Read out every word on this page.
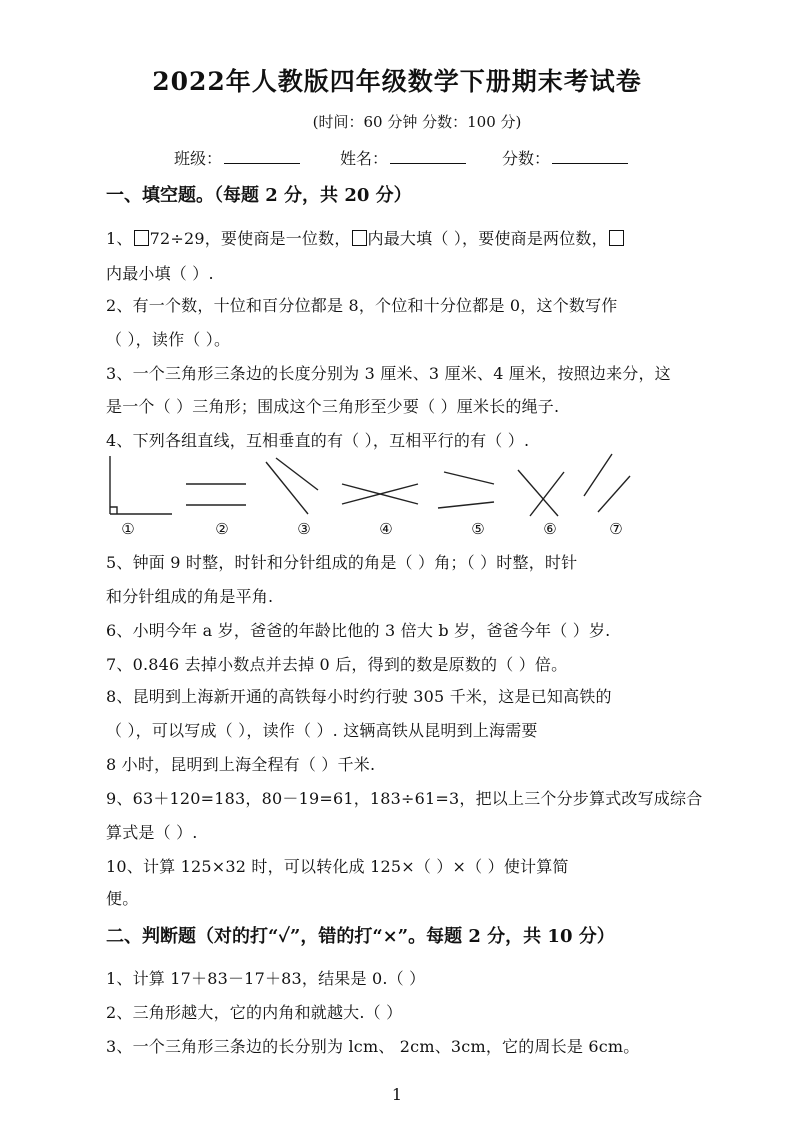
2022年人教版四年级数学下册期末考试卷
(时间：60 分钟 分数：100 分)
班级：	姓名：	分数：
一、填空题。（每题 2 分，共 20 分）
1、 72÷29，要使商是一位数， 内最大填（ ），要使商是两位数，
内最小填（ ）.
2、有一个数，十位和百分位都是 8，个位和十分位都是 0，这个数写作
（ ），读作（ ）。
3、一个三角形三条边的长度分别为 3 厘米、3 厘米、4 厘米，按照边来分，这
是一个（ ）三角形；围成这个三角形至少要（ ）厘米长的绳子.
4、下列各组直线，互相垂直的有（ ），互相平行的有（ ）.
①	②	③	④	⑤	⑥	⑦
5、钟面 9 时整，时针和分针组成的角是（ ）角；（ ）时整，时针
和分针组成的角是平角.
6、小明今年 a 岁，爸爸的年龄比他的 3 倍大 b 岁，爸爸今年（ ）岁.
7、0.846 去掉小数点并去掉 0 后，得到的数是原数的（ ）倍。
8、昆明到上海新开通的高铁每小时约行驶 305 千米，这是已知高铁的
（ ），可以写成（ ），读作（ ）. 这辆高铁从昆明到上海需要
8 小时，昆明到上海全程有（ ）千米.
9、63＋120=183，80－19=61，183÷61=3，把以上三个分步算式改写成综合
算式是（ ）.
10、计算 125×32 时，可以转化成 125×（ ）×（ ）使计算简
便。
二、判断题（对的打“✓”，错的打“×”。每题 2 分，共 10 分）
1、计算 17＋83－17＋83，结果是 0.（ ）
2、三角形越大，它的内角和就越大.（ ）
3、一个三角形三条边的长分别为 lcm、 2cm、3cm，它的周长是 6cm。
1
